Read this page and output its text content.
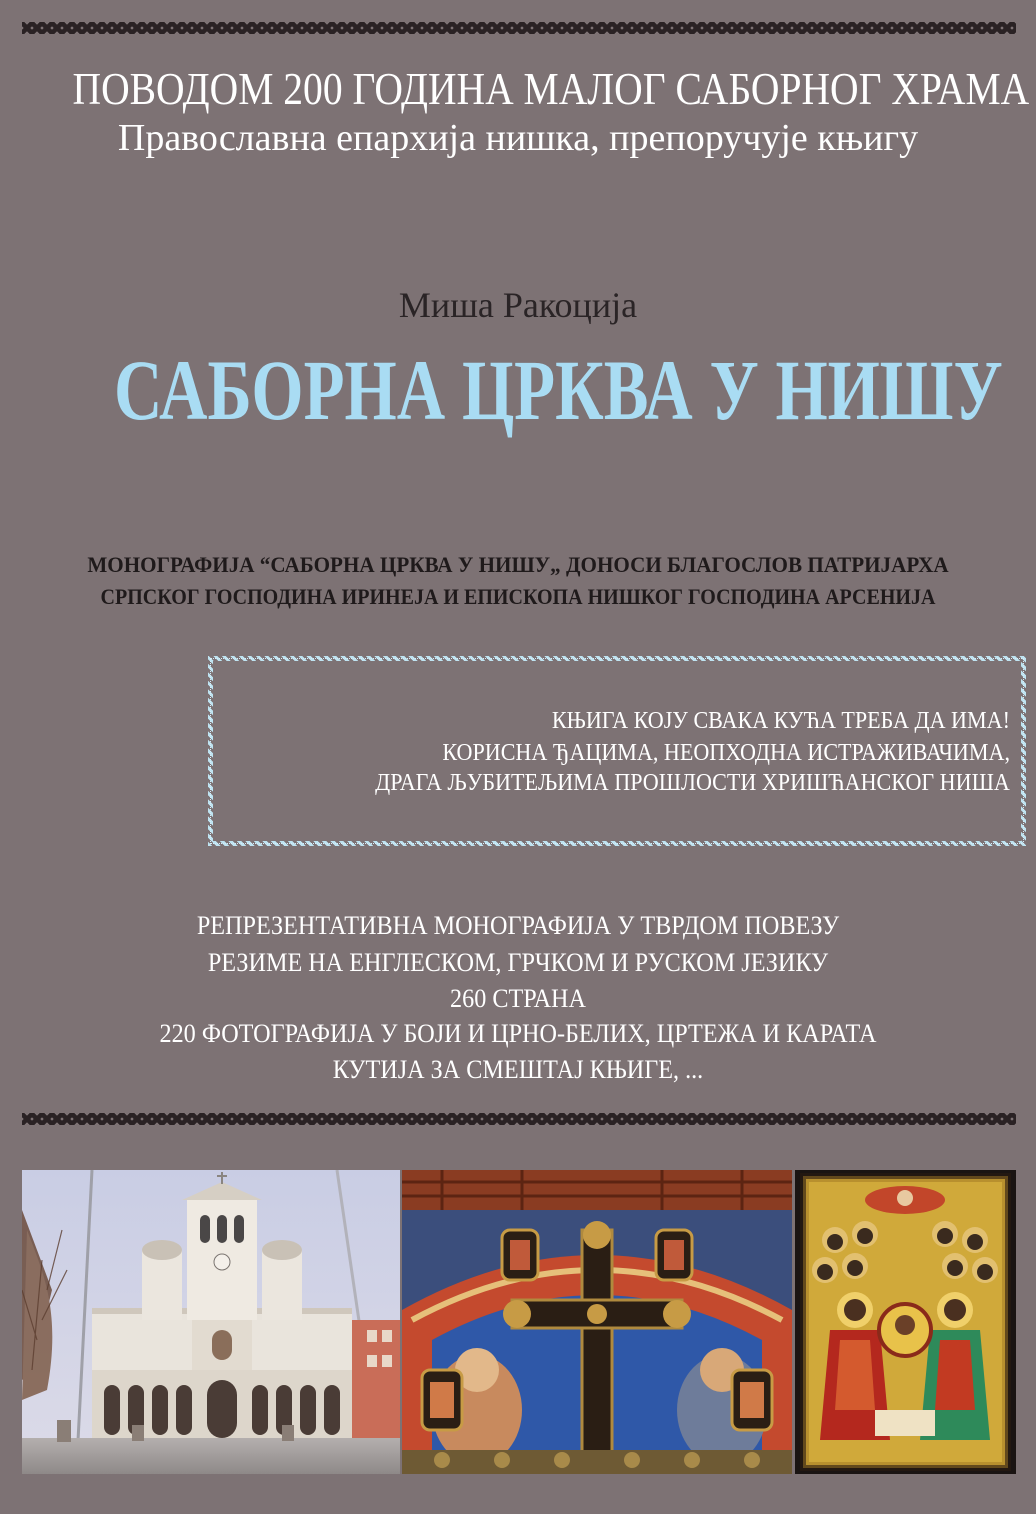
ПОВОДОМ 200 ГОДИНА МАЛОГ САБОРНОГ ХРАМА
Православна епархија нишка, препоручује књигу
Миша Ракоција
САБОРНА ЦРКВА У НИШУ
МОНОГРАФИЈА “САБОРНА ЦРКВА У НИШУ„ ДОНОСИ БЛАГОСЛОВ ПАТРИЈАРХА
СРПСКОГ ГОСПОДИНА ИРИНЕЈА И ЕПИСКОПА НИШКОГ ГОСПОДИНА АРСЕНИЈА
КЊИГА КОЈУ СВАКА КУЋА ТРЕБА ДА ИМА!
КОРИСНА ЂАЦИМА, НЕОПХОДНА ИСТРАЖИВАЧИМА,
ДРАГА ЉУБИТЕЉИМА ПРОШЛОСТИ ХРИШЋАНСКОГ НИША
РЕПРЕЗЕНТАТИВНА МОНОГРАФИЈА У ТВРДОМ ПОВЕЗУ
РЕЗИМЕ НА ЕНГЛЕСКОМ, ГРЧКОМ И РУСКОМ ЈЕЗИКУ
260 СТРАНА
220 ФОТОГРАФИЈА У БОЈИ И ЦРНО-БЕЛИХ, ЦРТЕЖА И КАРАТА
КУТИЈА ЗА СМЕШТАЈ КЊИГЕ, ...
